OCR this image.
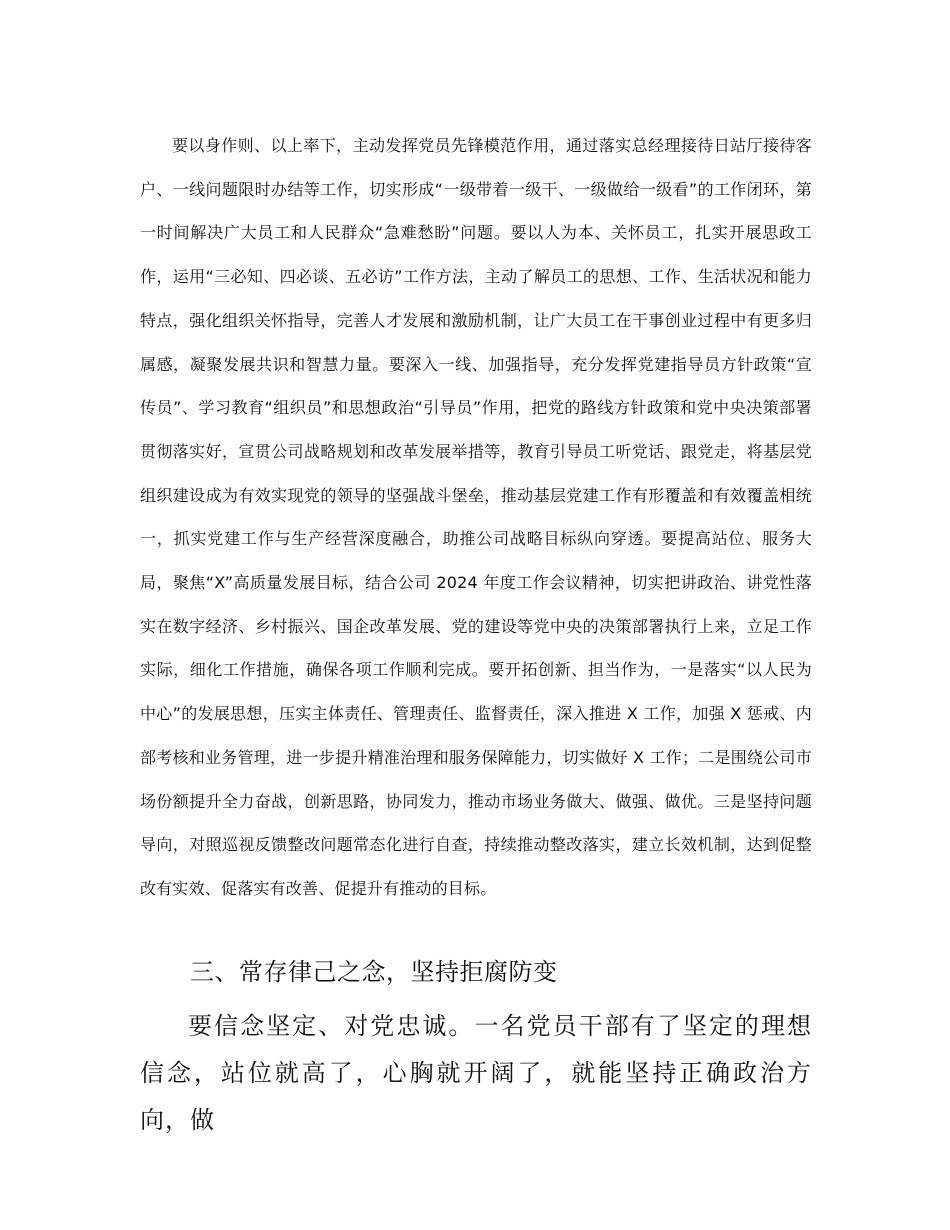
要以身作则、以上率下，主动发挥党员先锋模范作用，通过落实总经理接待日站厅接待客户、一线问题限时办结等工作，切实形成“一级带着一级干、一级做给一级看”的工作闭环，第一时间解决广大员工和人民群众“急难愁盼”问题。要以人为本、关怀员工，扎实开展思政工作，运用“三必知、四必谈、五必访”工作方法，主动了解员工的思想、工作、生活状况和能力特点，强化组织关怀指导，完善人才发展和激励机制，让广大员工在干事创业过程中有更多归属感，凝聚发展共识和智慧力量。要深入一线、加强指导，充分发挥党建指导员方针政策“宣传员”、学习教育“组织员”和思想政治“引导员”作用，把党的路线方针政策和党中央决策部署贯彻落实好，宣贯公司战略规划和改革发展举措等，教育引导员工听党话、跟党走，将基层党组织建设成为有效实现党的领导的坚强战斗堡垒，推动基层党建工作有形覆盖和有效覆盖相统一，抓实党建工作与生产经营深度融合，助推公司战略目标纵向穿透。要提高站位、服务大局，聚焦“X”高质量发展目标，结合公司 2024 年度工作会议精神，切实把讲政治、讲党性落实在数字经济、乡村振兴、国企改革发展、党的建设等党中央的决策部署执行上来，立足工作实际，细化工作措施，确保各项工作顺利完成。要开拓创新、担当作为，一是落实“以人民为中心”的发展思想，压实主体责任、管理责任、监督责任，深入推进 X 工作，加强 X 惩戒、内部考核和业务管理，进一步提升精准治理和服务保障能力，切实做好 X 工作；二是围绕公司市场份额提升全力奋战，创新思路，协同发力，推动市场业务做大、做强、做优。三是坚持问题导向，对照巡视反馈整改问题常态化进行自查，持续推动整改落实，建立长效机制，达到促整改有实效、促落实有改善、促提升有推动的目标。

三、常存律己之念，坚持拒腐防变

要信念坚定、对党忠诚。一名党员干部有了坚定的理想信念，站位就高了，心胸就开阔了，就能坚持正确政治方向，做
